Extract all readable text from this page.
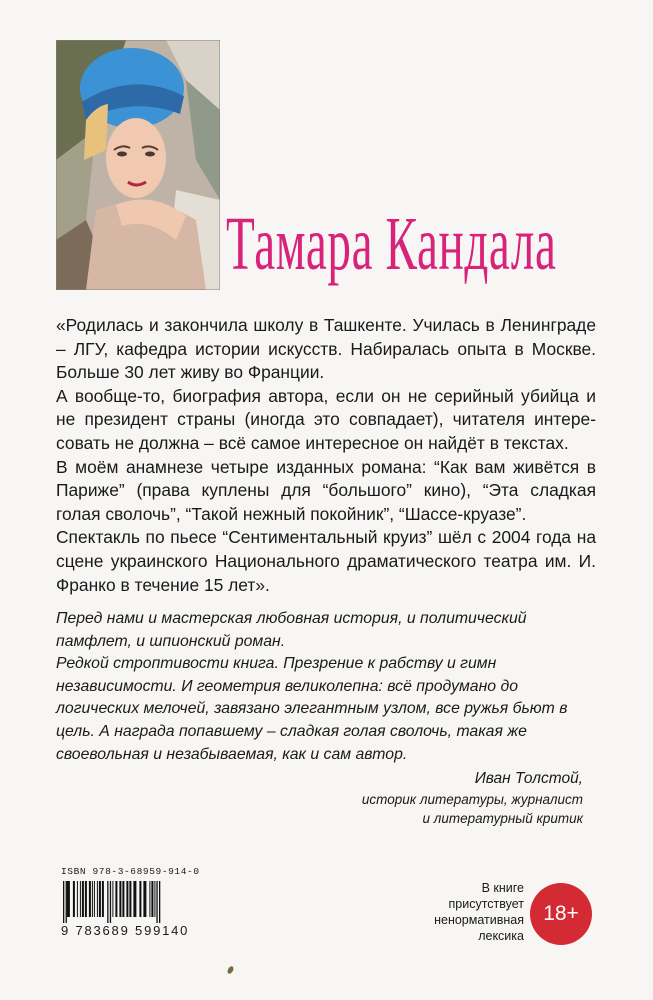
Тамара Кандала

«Родилась и закончила школу в Ташкенте. Училась в Ленинграде – ЛГУ, кафедра истории искусств. Набиралась опыта в Москве. Больше 30 лет живу во Франции.

А вообще-то, биография автора, если он не серийный убийца и не президент страны (иногда это совпадает), читателя интересовать не должна – всё самое интересное он найдёт в текстах.

В моём анамнезе четыре изданных романа: “Как вам живётся в Париже” (права куплены для “большого” кино), “Эта сладкая голая сволочь”, “Такой нежный покойник”, “Шассе-круазе”.

Спектакль по пьесе “Сентиментальный круиз” шёл с 2004 года на сцене украинского Национального драматического театра им. И. Франко в течение 15 лет».

Перед нами и мастерская любовная история, и политический памфлет, и шпионский роман.

Редкой строптивости книга. Презрение к рабству и гимн независимости. И геометрия великолепна: всё продумано до логических мелочей, завязано элегантным узлом, все ружья бьют в цель. А награда попавшему – сладкая голая сволочь, такая же своевольная и незабываемая, как и сам автор.

Иван Толстой,
историк литературы, журналист
и литературный критик
ISBN 978-3-68959-914-0
9 783689 599140
В книге
присутствует
ненормативная
лексика
18+
